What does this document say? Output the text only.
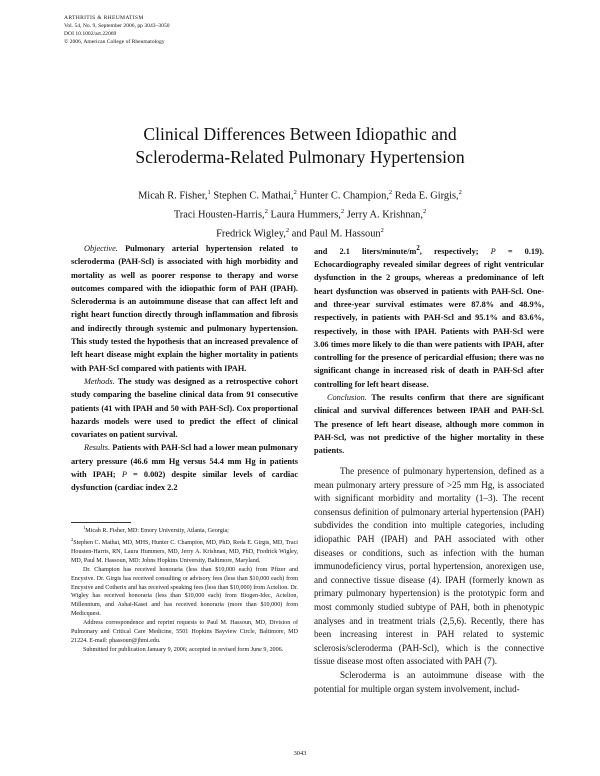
ARTHRITIS & RHEUMATISM
Vol. 54, No. 9, September 2006, pp 3043–3050
DOI 10.1002/art.22069
© 2006, American College of Rheumatology
Clinical Differences Between Idiopathic and
Scleroderma-Related Pulmonary Hypertension
Micah R. Fisher,$^1$ Stephen C. Mathai,$^2$ Hunter C. Champion,$^2$ Reda E. Girgis,$^2$
Traci Housten-Harris,$^2$ Laura Hummers,$^2$ Jerry A. Krishnan,$^2$
Fredrick Wigley,$^2$ and Paul M. Hassoun$^2$

Objective. Pulmonary arterial hypertension related to scleroderma (PAH-Scl) is associated with high morbidity and mortality as well as poorer response to therapy and worse outcomes compared with the idiopathic form of PAH (IPAH). Scleroderma is an autoimmune disease that can affect left and right heart function directly through inflammation and fibrosis and indirectly through systemic and pulmonary hypertension. This study tested the hypothesis that an increased prevalence of left heart disease might explain the higher mortality in patients with PAH-Scl compared with patients with IPAH.

Methods. The study was designed as a retrospective cohort study comparing the baseline clinical data from 91 consecutive patients (41 with IPAH and 50 with PAH-Scl). Cox proportional hazards models were used to predict the effect of clinical covariates on patient survival.

Results. Patients with PAH-Scl had a lower mean pulmonary artery pressure (46.6 mm Hg versus 54.4 mm Hg in patients with IPAH; P = 0.002) despite similar levels of cardiac dysfunction (cardiac index 2.2

and 2.1 liters/$minute/m^2$, respectively; P = 0.19). Echocardiography revealed similar degrees of right ventricular dysfunction in the 2 groups, whereas a predominance of left heart dysfunction was observed in patients with PAH-Scl. One- and three-year survival estimates were 87.8% and 48.9%, respectively, in patients with PAH-Scl and 95.1% and 83.6%, respectively, in those with IPAH. Patients with PAH-Scl were 3.06 times more likely to die than were patients with IPAH, after controlling for the presence of pericardial effusion; there was no significant change in increased risk of death in PAH-Scl after controlling for left heart disease.

Conclusion. The results confirm that there are significant clinical and survival differences between IPAH and PAH-Scl. The presence of left heart disease, although more common in PAH-Scl, was not predictive of the higher mortality in these patients.

The presence of pulmonary hypertension, defined as a mean pulmonary artery pressure of >25 mm Hg, is associated with significant morbidity and mortality (1–3). The recent consensus definition of pulmonary arterial hypertension (PAH) subdivides the condition into multiple categories, including idiopathic PAH (IPAH) and PAH associated with other diseases or conditions, such as infection with the human immunodeficiency virus, portal hypertension, anorexigen use, and connective tissue disease (4). IPAH (formerly known as primary pulmonary hypertension) is the prototypic form and most commonly studied subtype of PAH, both in phenotypic analyses and in treatment trials (2,5,6). Recently, there has been increasing interest in PAH related to systemic sclerosis/scleroderma (PAH-Scl), which is the connective tissue disease most often associated with PAH (7).

Scleroderma is an autoimmune disease with the potential for multiple organ system involvement, includ-

$^1$Micah R. Fisher, MD: Emory University, Atlanta, Georgia;

$^2$Stephen C. Mathai, MD, MHS, Hunter C. Champion, MD, PhD, Reda E. Girgis, MD, Traci Housten-Harris, RN, Laura Hummers, MD, Jerry A. Krishnan, MD, PhD, Fredrick Wigley, MD, Paul M. Hassoun, MD: Johns Hopkins University, Baltimore, Maryland.

Dr. Champion has received honoraria (less than $10,000 each) from Pfizer and Encysive. Dr. Girgis has received consulting or advisory fees (less than $10,000 each) from Encysive and Cotherix and has received speaking fees (less than $10,000) from Actelion. Dr. Wigley has received honoraria (less than $10,000 each) from Biogen-Idec, Actelion, Millennium, and Ashai-Kasei and has received honoraria (more than $10,000) from Medicquest.

Address correspondence and reprint requests to Paul M. Hassoun, MD, Division of Pulmonary and Critical Care Medicine, 5501 Hopkins Bayview Circle, Baltimore, MD 21224. E-mail: phassoun@jhmi.edu.

Submitted for publication January 9, 2006; accepted in revised form June 9, 2006.

3043
